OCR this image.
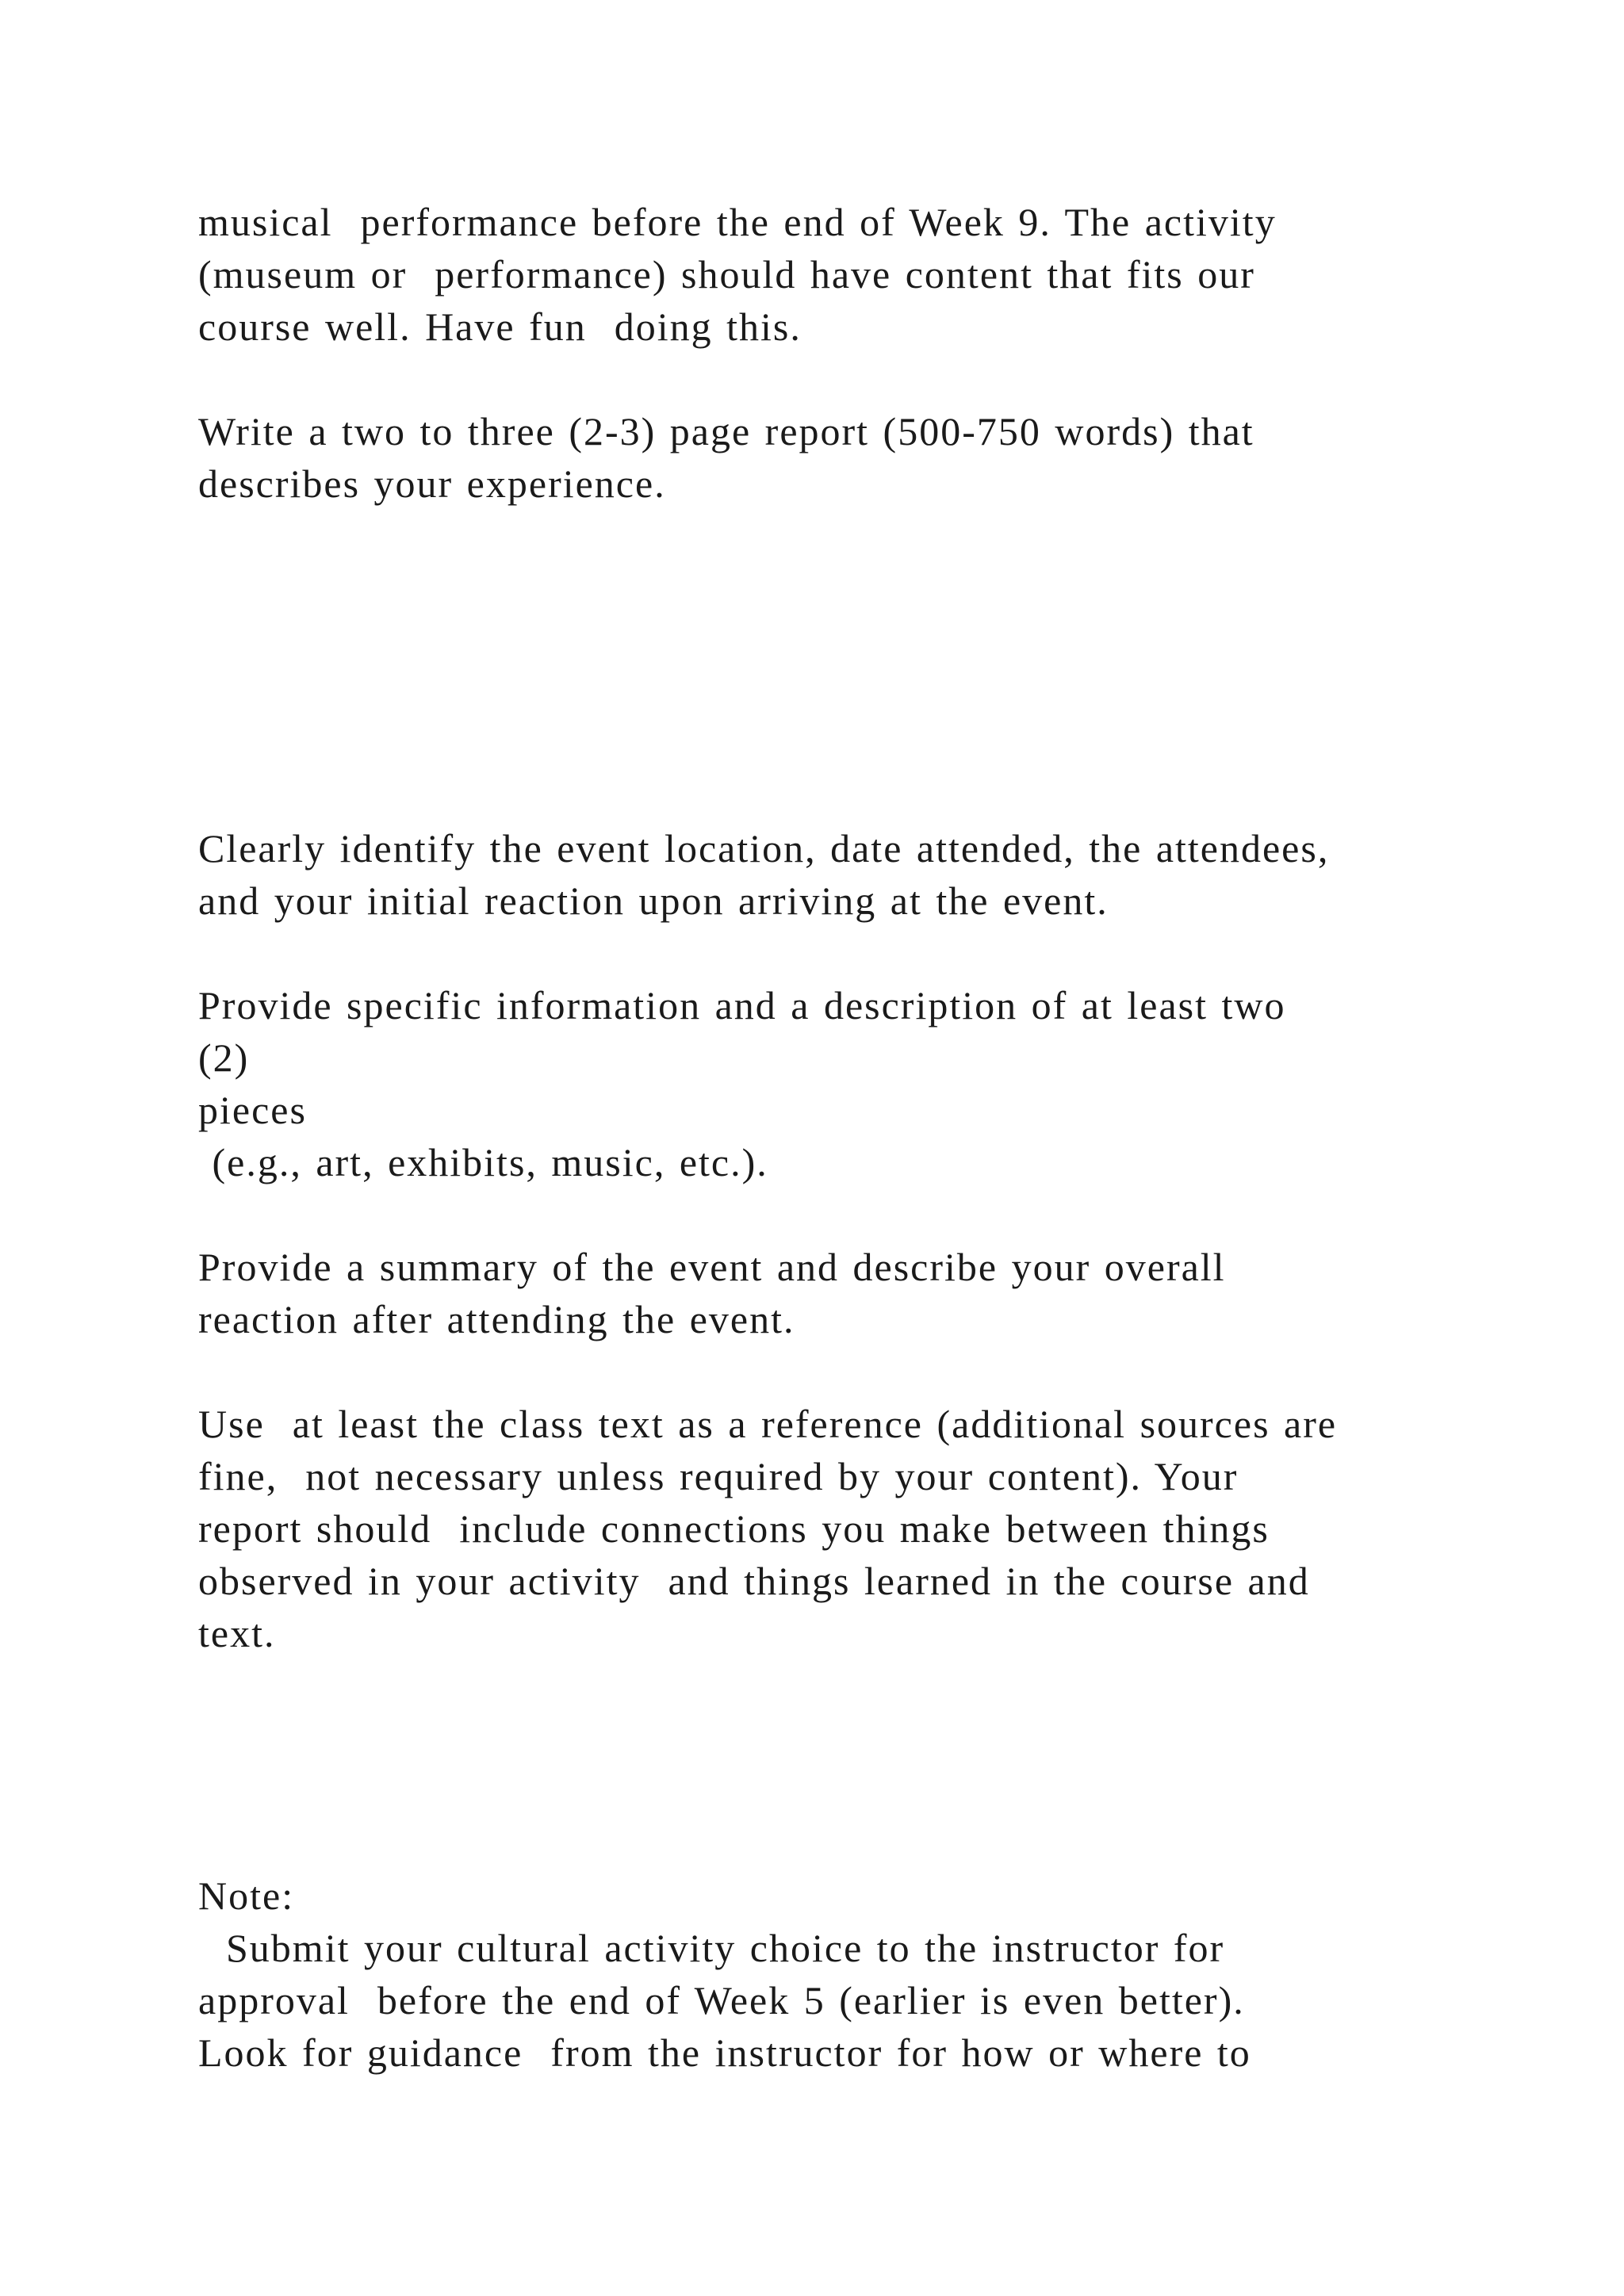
musical  performance before the end of Week 9. The activity

(museum or  performance) should have content that fits our

course well. Have fun  doing this.

Write a two to three (2-3) page report (500-750 words) that

describes your experience.

Clearly identify the event location, date attended, the attendees,

and your initial reaction upon arriving at the event.

Provide specific information and a description of at least two

(2)

pieces

(e.g., art, exhibits, music, etc.).

Provide a summary of the event and describe your overall

reaction after attending the event.

Use  at least the class text as a reference (additional sources are

fine,  not necessary unless required by your content). Your

report should  include connections you make between things

observed in your activity  and things learned in the course and

text.

Note:

Submit your cultural activity choice to the instructor for

approval  before the end of Week 5 (earlier is even better).

Look for guidance  from the instructor for how or where to
